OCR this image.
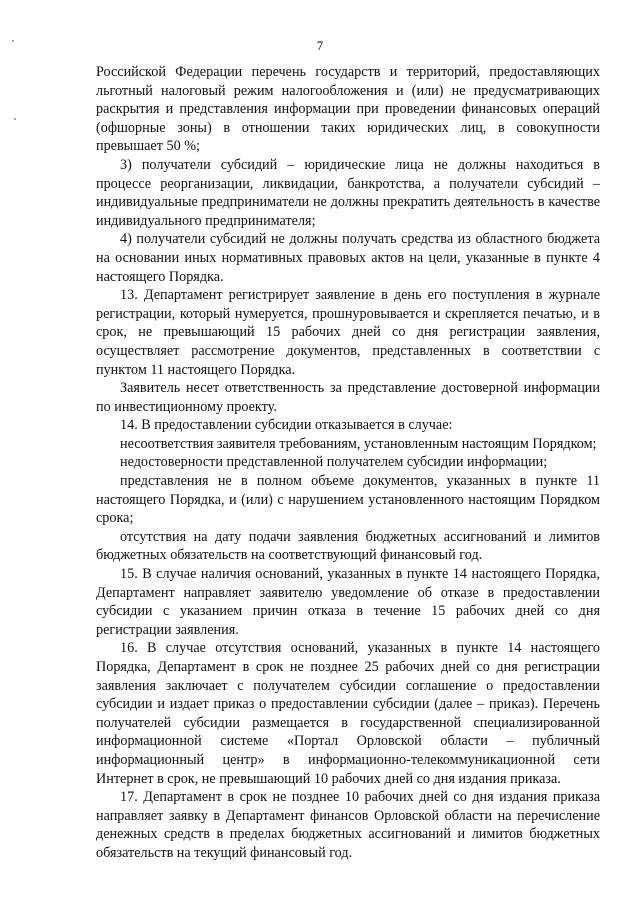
7

Российской Федерации перечень государств и территорий, предоставляющих льготный налоговый режим налогообложения и (или) не предусматривающих раскрытия и представления информации при проведении финансовых операций (офшорные зоны) в отношении таких юридических лиц, в совокупности превышает 50 %;

3) получатели субсидий – юридические лица не должны находиться в процессе реорганизации, ликвидации, банкротства, а получатели субсидий – индивидуальные предприниматели не должны прекратить деятельность в качестве индивидуального предпринимателя;

4) получатели субсидий не должны получать средства из областного бюджета на основании иных нормативных правовых актов на цели, указанные в пункте 4 настоящего Порядка.

13. Департамент регистрирует заявление в день его поступления в журнале регистрации, который нумеруется, прошнуровывается и скрепляется печатью, и в срок, не превышающий 15 рабочих дней со дня регистрации заявления, осуществляет рассмотрение документов, представленных в соответствии с пунктом 11 настоящего Порядка.

Заявитель несет ответственность за представление достоверной информации по инвестиционному проекту.

14. В предоставлении субсидии отказывается в случае:

несоответствия заявителя требованиям, установленным настоящим Порядком;

недостоверности представленной получателем субсидии информации;

представления не в полном объеме документов, указанных в пункте 11 настоящего Порядка, и (или) с нарушением установленного настоящим Порядком срока;

отсутствия на дату подачи заявления бюджетных ассигнований и лимитов бюджетных обязательств на соответствующий финансовый год.

15. В случае наличия оснований, указанных в пункте 14 настоящего Порядка, Департамент направляет заявителю уведомление об отказе в предоставлении субсидии с указанием причин отказа в течение 15 рабочих дней со дня регистрации заявления.

16. В случае отсутствия оснований, указанных в пункте 14 настоящего Порядка, Департамент в срок не позднее 25 рабочих дней со дня регистрации заявления заключает с получателем субсидии соглашение о предоставлении субсидии и издает приказ о предоставлении субсидии (далее – приказ). Перечень получателей субсидии размещается в государственной специализированной информационной системе «Портал Орловской области – публичный информационный центр» в информационно-телекоммуникационной сети Интернет в срок, не превышающий 10 рабочих дней со дня издания приказа.

17. Департамент в срок не позднее 10 рабочих дней со дня издания приказа направляет заявку в Департамент финансов Орловской области на перечисление денежных средств в пределах бюджетных ассигнований и лимитов бюджетных обязательств на текущий финансовый год.
